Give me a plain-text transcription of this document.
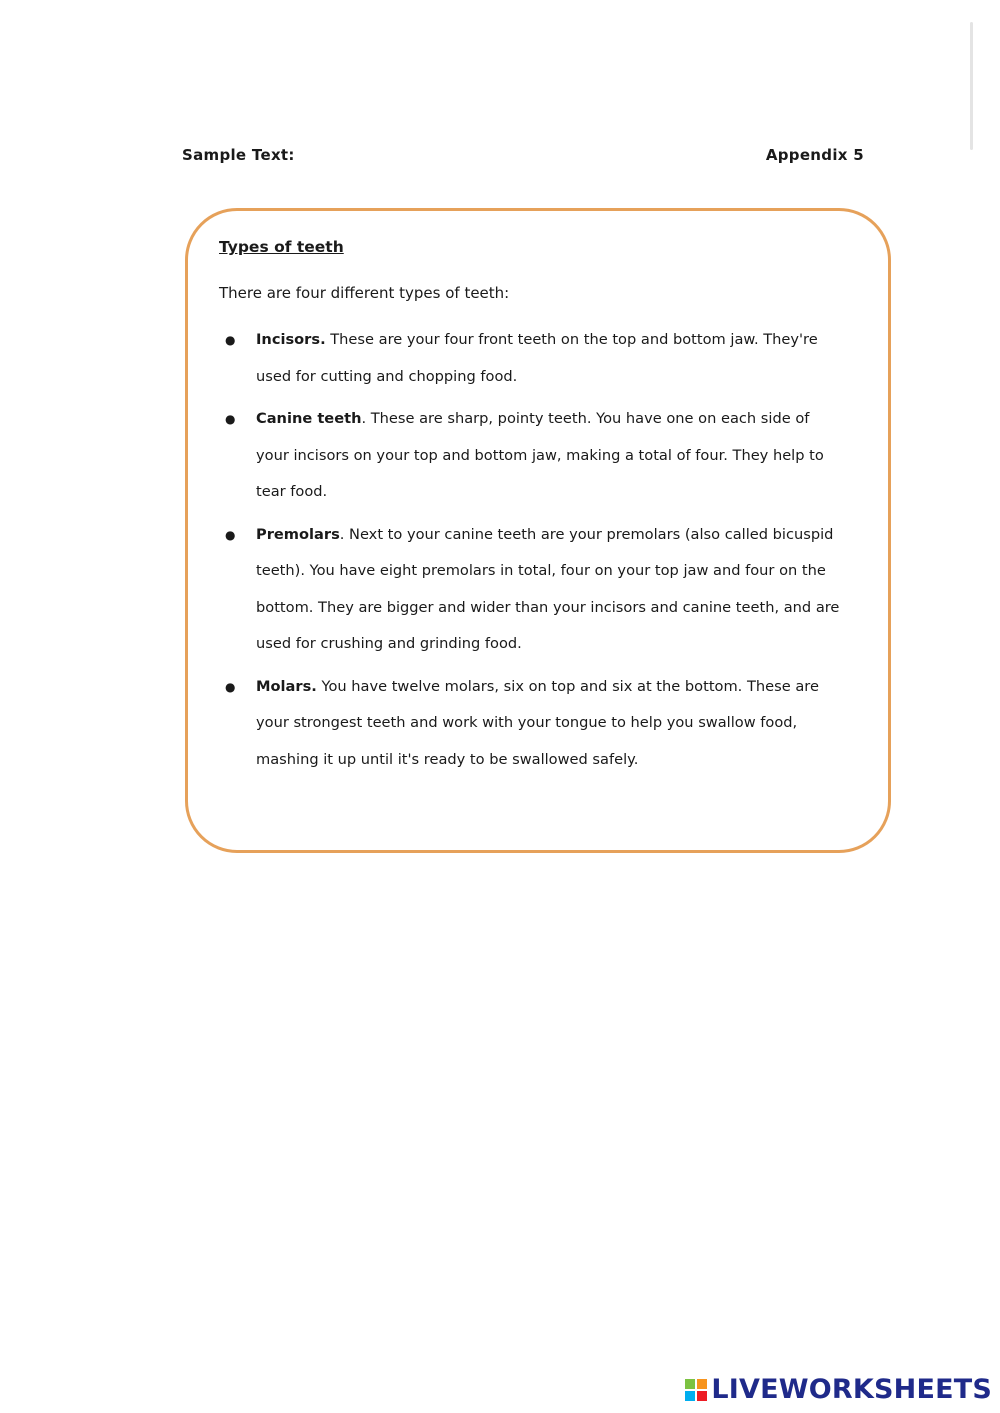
Sample Text:	Appendix 5
Types of teeth
There are four different types of teeth:
● Incisors. These are your four front teeth on the top and bottom jaw. They're used for cutting and chopping food.
● Canine teeth. These are sharp, pointy teeth. You have one on each side of your incisors on your top and bottom jaw, making a total of four. They help to tear food.
● Premolars. Next to your canine teeth are your premolars (also called bicuspid teeth). You have eight premolars in total, four on your top jaw and four on the bottom. They are bigger and wider than your incisors and canine teeth, and are used for crushing and grinding food.
● Molars. You have twelve molars, six on top and six at the bottom. These are your strongest teeth and work with your tongue to help you swallow food, mashing it up until it's ready to be swallowed safely.
LIVEWORKSHEETS
